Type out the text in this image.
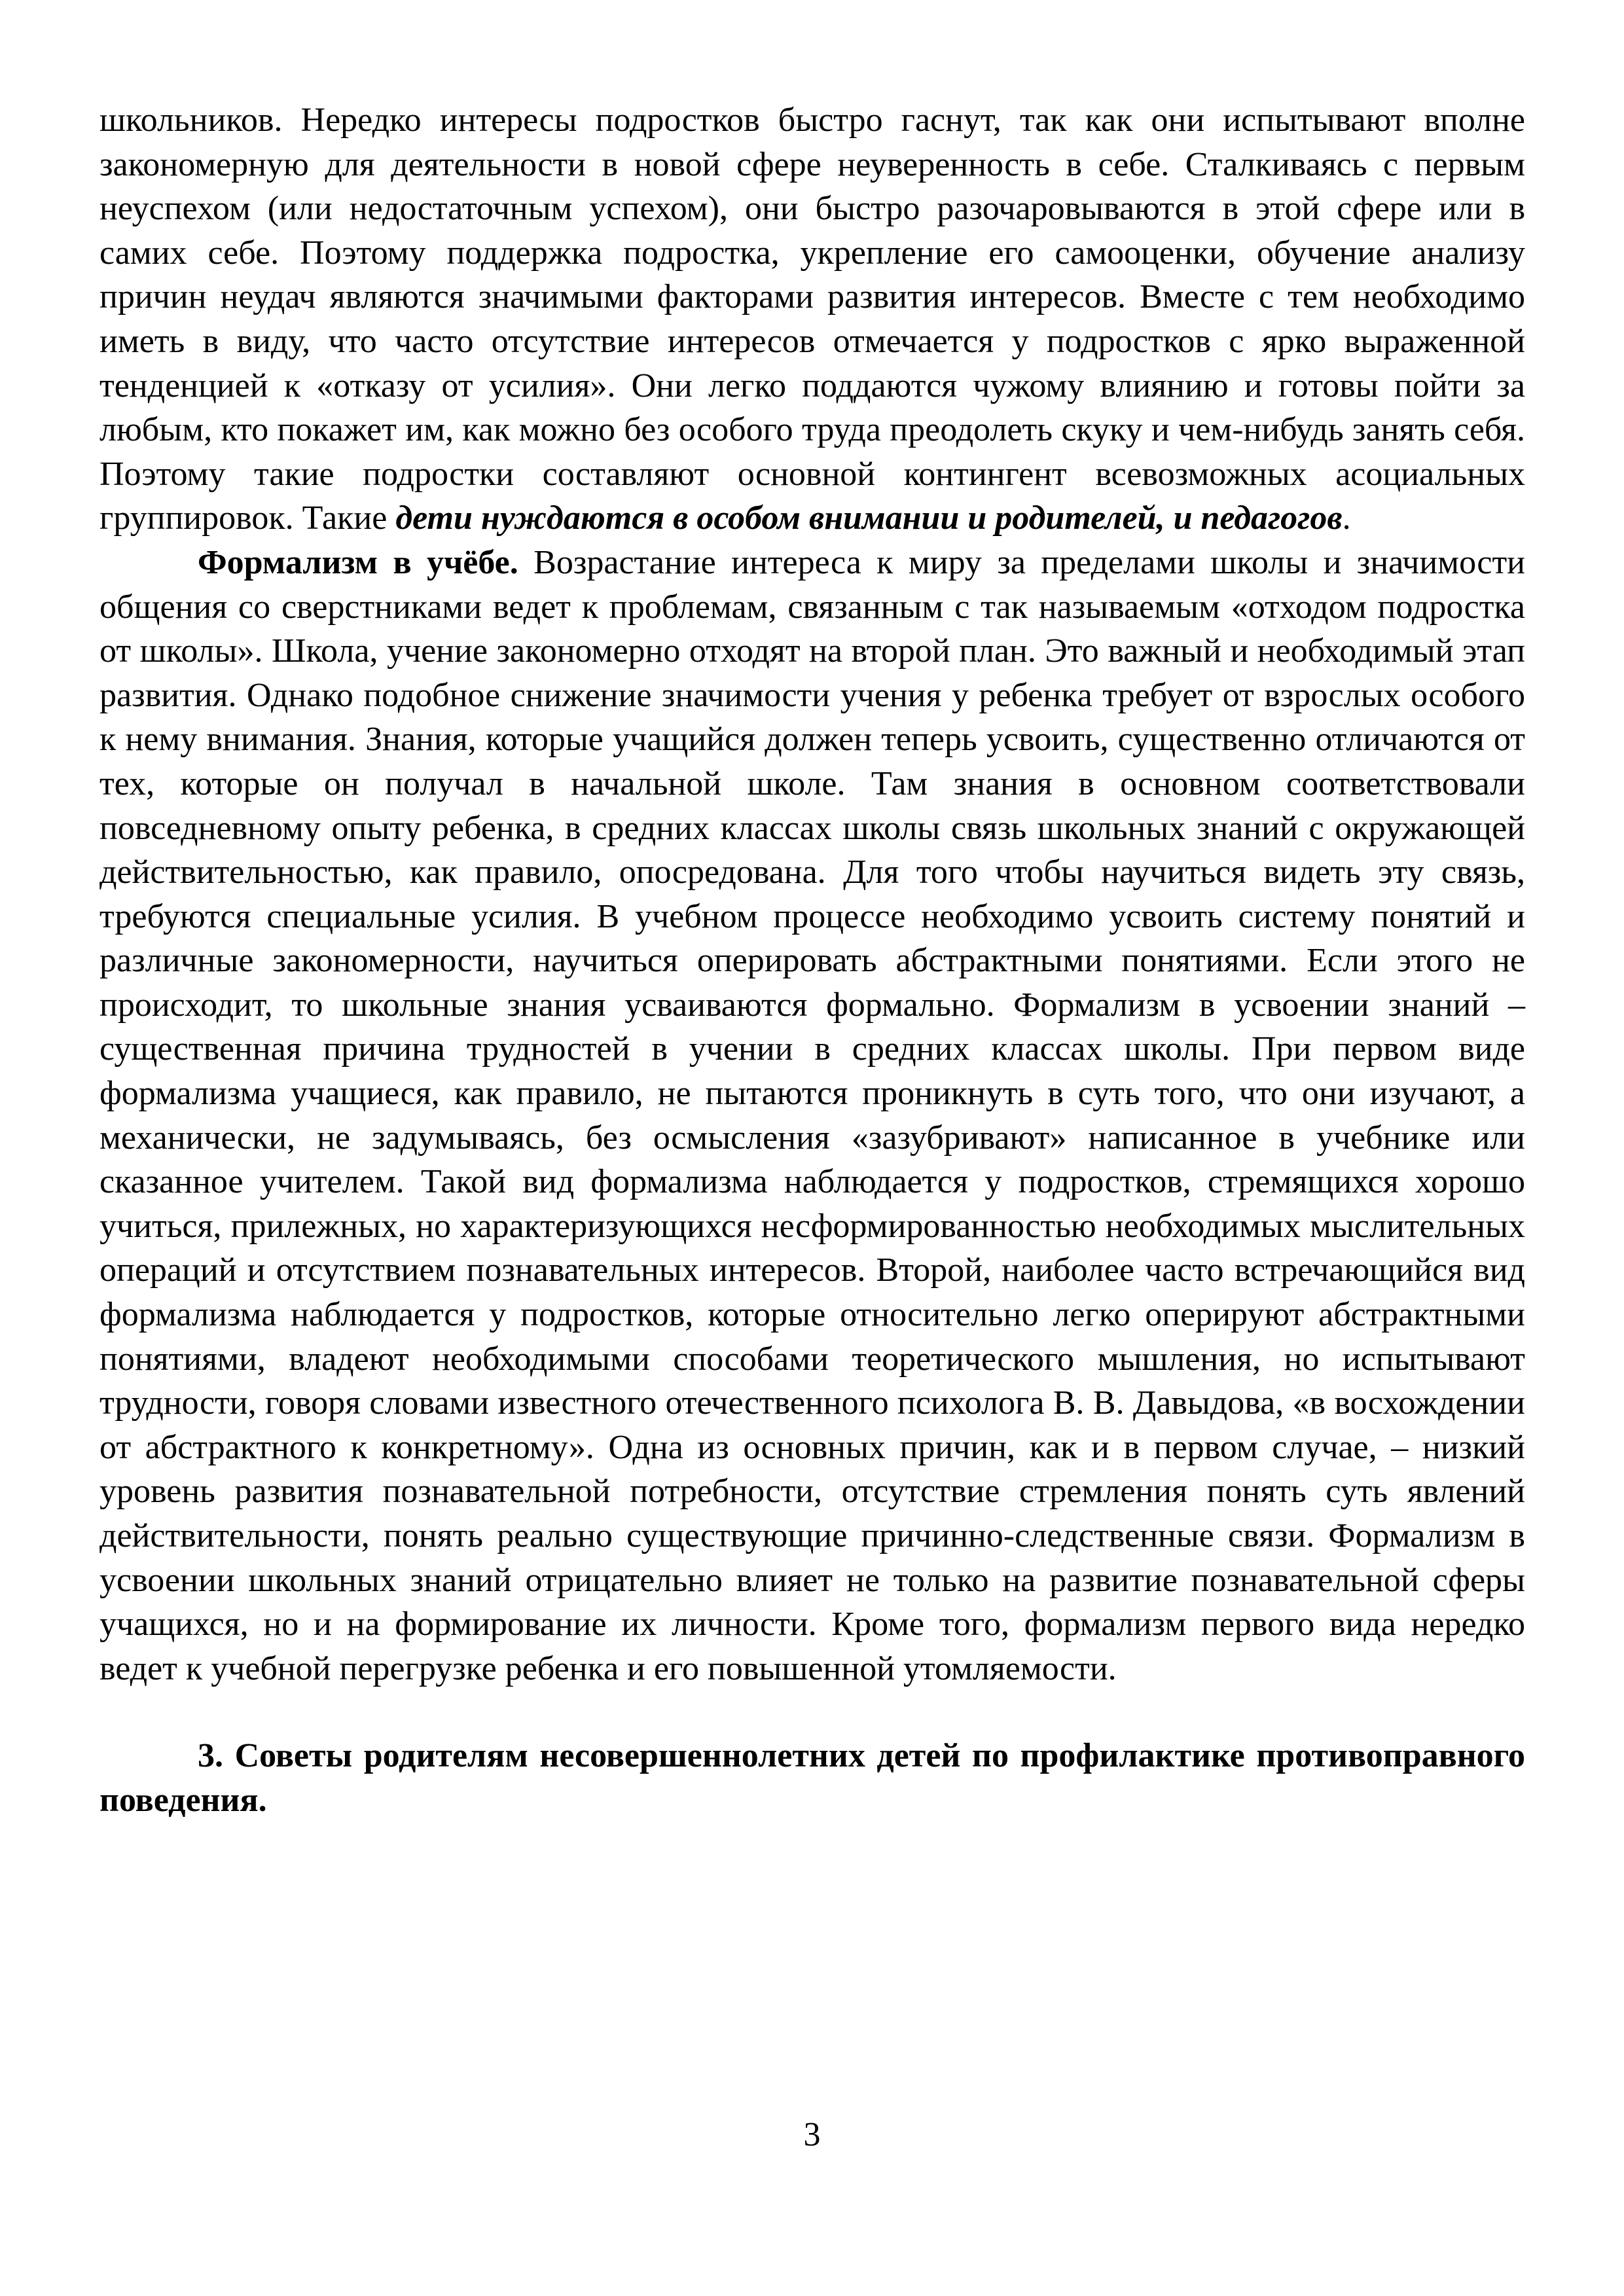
школьников. Нередко интересы подростков быстро гаснут, так как они испытывают вполне закономерную для деятельности в новой сфере неуверенность в себе. Сталкиваясь с первым неуспехом (или недостаточным успехом), они быстро разочаровываются в этой сфере или в самих себе. Поэтому поддержка подростка, укрепление его самооценки, обучение анализу причин неудач являются значимыми факторами развития интересов. Вместе с тем необходимо иметь в виду, что часто отсутствие интересов отмечается у подростков с ярко выраженной тенденцией к «отказу от усилия». Они легко поддаются чужому влиянию и готовы пойти за любым, кто покажет им, как можно без особого труда преодолеть скуку и чем-нибудь занять себя. Поэтому такие подростки составляют основной контингент всевозможных асоциальных группировок. Такие дети нуждаются в особом внимании и родителей, и педагогов.

Формализм в учёбе. Возрастание интереса к миру за пределами школы и значимости общения со сверстниками ведет к проблемам, связанным с так называемым «отходом подростка от школы». Школа, учение закономерно отходят на второй план. Это важный и необходимый этап развития. Однако подобное снижение значимости учения у ребенка требует от взрослых особого к нему внимания. Знания, которые учащийся должен теперь усвоить, существенно отличаются от тех, которые он получал в начальной школе. Там знания в основном соответствовали повседневному опыту ребенка, в средних классах школы связь школьных знаний с окружающей действительностью, как правило, опосредована. Для того чтобы научиться видеть эту связь, требуются специальные усилия. В учебном процессе необходимо усвоить систему понятий и различные закономерности, научиться оперировать абстрактными понятиями. Если этого не происходит, то школьные знания усваиваются формально. Формализм в усвоении знаний – существенная причина трудностей в учении в средних классах школы. При первом виде формализма учащиеся, как правило, не пытаются проникнуть в суть того, что они изучают, а механически, не задумываясь, без осмысления «зазубривают» написанное в учебнике или сказанное учителем. Такой вид формализма наблюдается у подростков, стремящихся хорошо учиться, прилежных, но характеризующихся несформированностью необходимых мыслительных операций и отсутствием познавательных интересов. Второй, наиболее часто встречающийся вид формализма наблюдается у подростков, которые относительно легко оперируют абстрактными понятиями, владеют необходимыми способами теоретического мышления, но испытывают трудности, говоря словами известного отечественного психолога В. В. Давыдова, «в восхождении от абстрактного к конкретному». Одна из основных причин, как и в первом случае, – низкий уровень развития познавательной потребности, отсутствие стремления понять суть явлений действительности, понять реально существующие причинно-следственные связи. Формализм в усвоении школьных знаний отрицательно влияет не только на развитие познавательной сферы учащихся, но и на формирование их личности. Кроме того, формализм первого вида нередко ведет к учебной перегрузке ребенка и его повышенной утомляемости.

3. Советы родителям несовершеннолетних детей по профилактике противоправного поведения.

3
